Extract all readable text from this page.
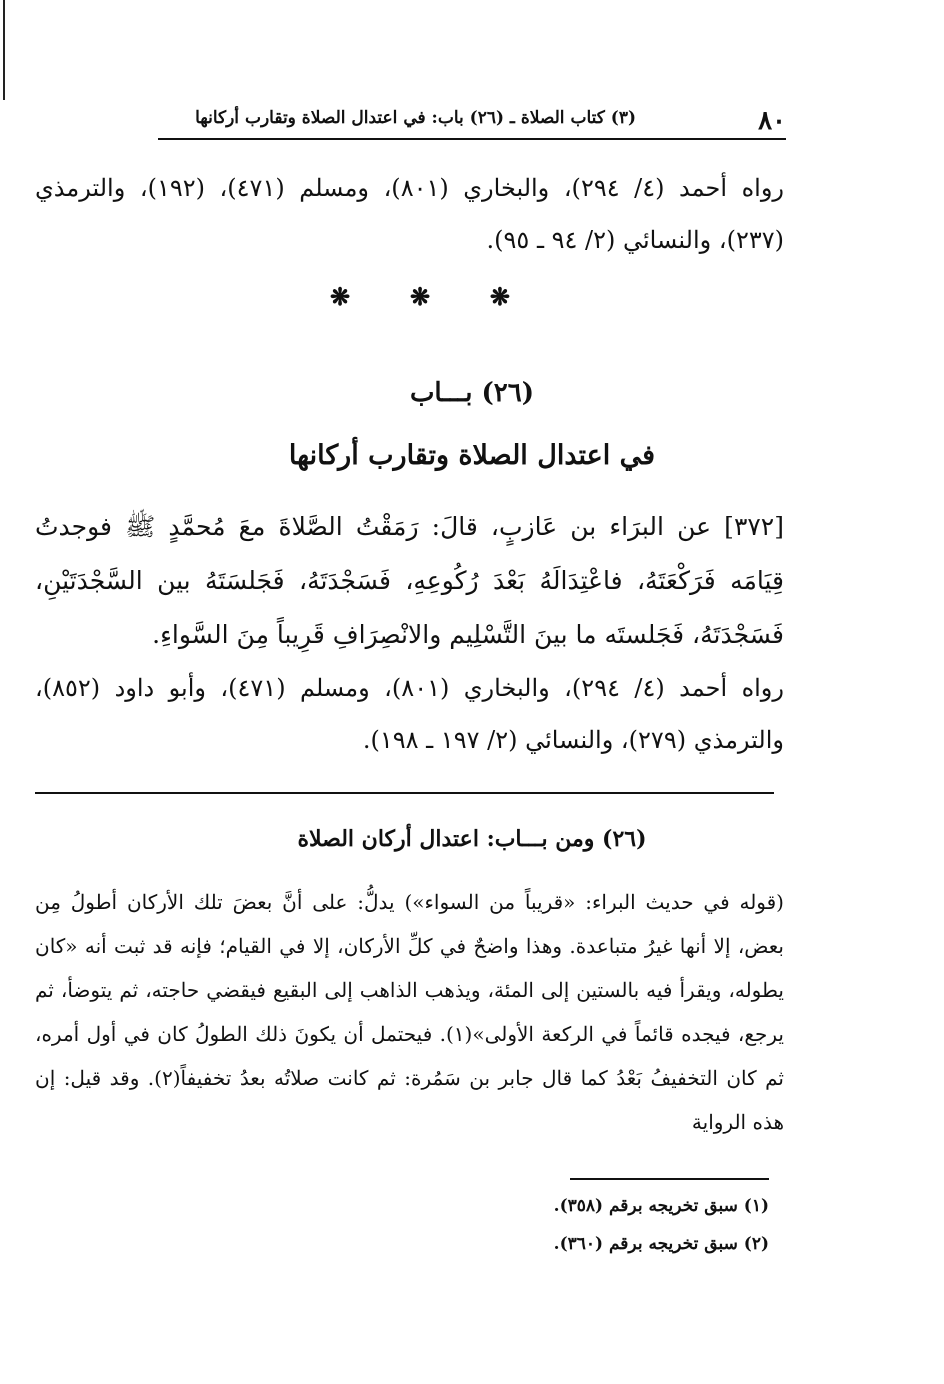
٨٠
(٣) كتاب الصلاة ـ (٢٦) باب: في اعتدال الصلاة وتقارب أركانها
رواه أحمد (٤/ ٢٩٤)، والبخاري (٨٠١)، ومسلم (٤٧١)، (١٩٢)، والترمذي (٢٣٧)، والنسائي (٢/ ٩٤ ـ ٩٥).
❋
❋
❋
(٢٦) بـــاب
في اعتدال الصلاة وتقارب أركانها
[٣٧٢] عن البرَاء بن عَازبٍ، قالَ: رَمَقْتُ الصَّلاةَ معَ مُحمَّدٍ ﷺ فوجدتُ قِيَامَه فَرَكْعَتَهُ، فاعْتِدَالَهُ بَعْدَ رُكُوعِهِ، فَسَجْدَتَهُ، فَجَلسَتَهُ بين السَّجْدَتَيْنِ، فَسَجْدَتَهُ، فَجَلستَه ما بينَ التَّسْلِيم والانْصِرَافِ قَرِيباً مِنَ السَّواءِ.
رواه أحمد (٤/ ٢٩٤)، والبخاري (٨٠١)، ومسلم (٤٧١)، وأبو داود (٨٥٢)، والترمذي (٢٧٩)، والنسائي (٢/ ١٩٧ ـ ١٩٨).
(٢٦) ومن بـــاب: اعتدال أركان الصلاة
(قوله في حديث البراء: «قريباً من السواء») يدلُّ: على أنَّ بعضَ تلك الأركان أطولُ مِن بعض، إلا أنها غيرُ متباعدة. وهذا واضحٌ في كلِّ الأركان، إلا في القيام؛ فإنه قد ثبت أنه «كان يطوله، ويقرأ فيه بالستين إلى المئة، ويذهب الذاهب إلى البقيع فيقضي حاجته، ثم يتوضأ، ثم يرجع، فيجده قائماً في الركعة الأولى»(١). فيحتمل أن يكونَ ذلك الطولُ كان في أول أمره، ثم كان التخفيفُ بَعْدُ كما قال جابر بن سَمُرة: ثم كانت صلاتُه بعدُ تخفيفاً(٢). وقد قيل: إن هذه الرواية
(١) سبق تخريجه برقم (٣٥٨).
(٢) سبق تخريجه برقم (٣٦٠).
